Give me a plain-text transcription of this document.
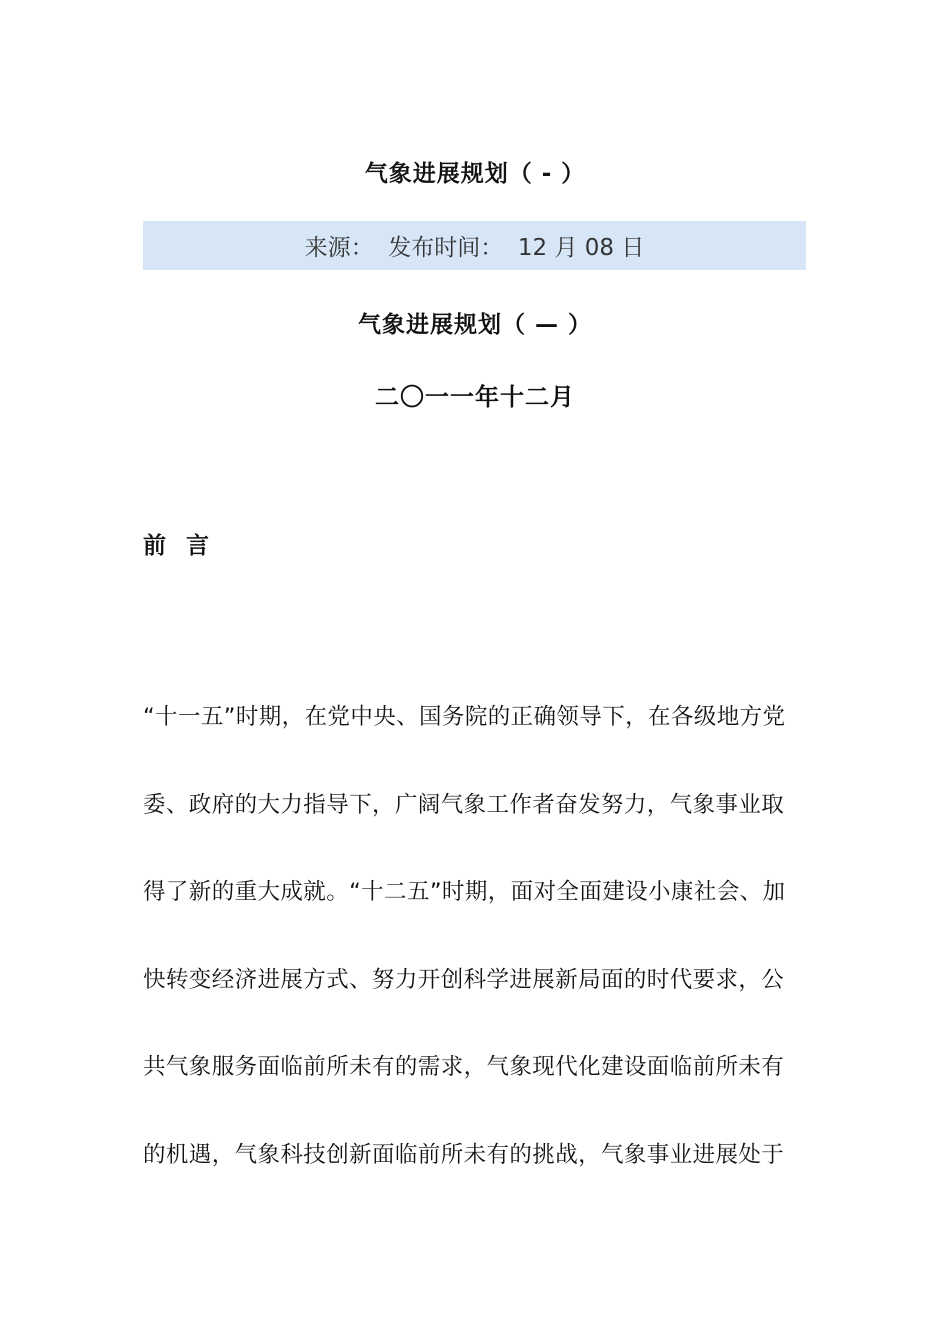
气象进展规划（ - ）
来源：
发布时间：
12 月 08 日
气象进展规划（ — ）
二〇一一年十二月
前 言

“十一五”时期，在党中央、国务院的正确领导下，在各级地方党
委、政府的大力指导下，广阔气象工作者奋发努力，气象事业取
得了新的重大成就。“十二五”时期，面对全面建设小康社会、加
快转变经济进展方式、努力开创科学进展新局面的时代要求，公
共气象服务面临前所未有的需求，气象现代化建设面临前所未有
的机遇，气象科技创新面临前所未有的挑战，气象事业进展处于
